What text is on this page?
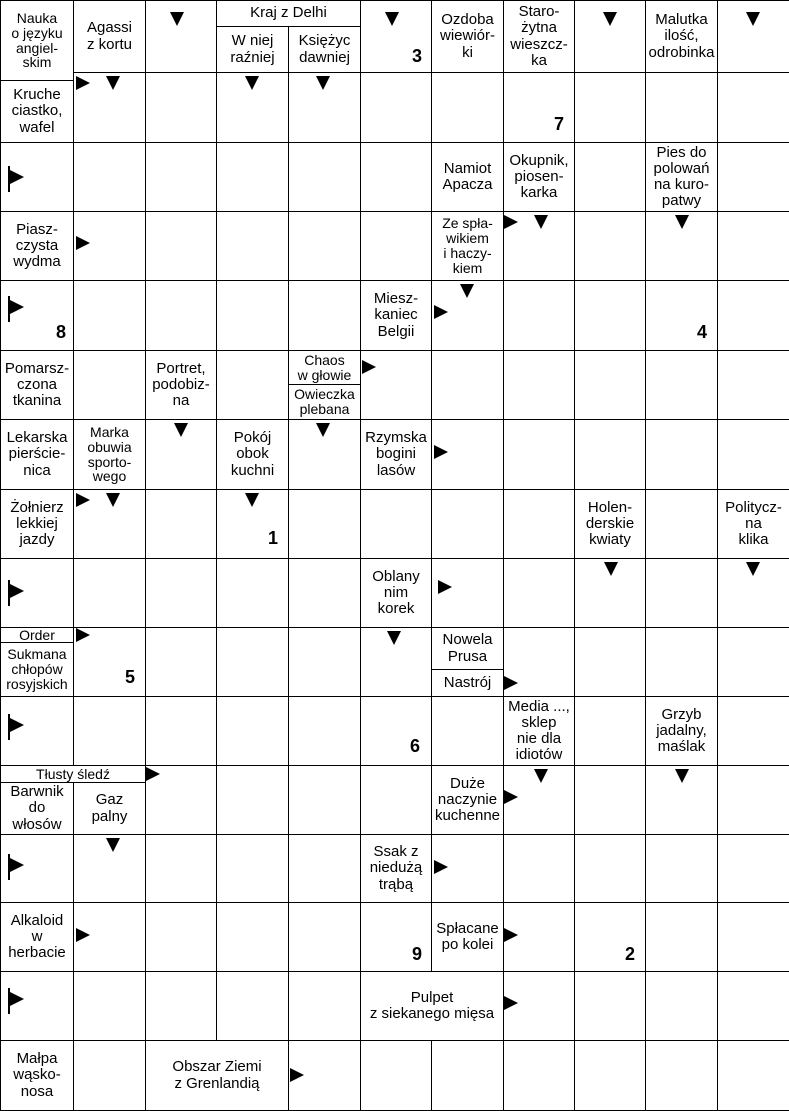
Nauka
o języku
angiel-
skim
Agassi
z kortu
Kraj z Delhi
W niej
raźniej
Księżyc
dawniej
Ozdoba
wiewiór-
ki
Staro-
żytna
wieszcz-
ka
Malutka
ilość,
odrobinka
Kruche
ciastko,
wafel
Namiot
Apacza
Okupnik,
piosen-
karka
Pies do
polowań
na kuro-
patwy
Piasz-
czysta
wydma
Ze spła-
wikiem
i haczy-
kiem
Miesz-
kaniec
Belgii
Pomarsz-
czona
tkanina
Portret,
podobiz-
na
Chaos
w głowie
Owieczka
plebana
Lekarska
pierście-
nica
Marka
obuwia
sporto-
wego
Pokój
obok
kuchni
Rzymska
bogini
lasów
Żołnierz
lekkiej
jazdy
Holen-
derskie
kwiaty
Politycz-
na
klika
Oblany
nim
korek
Order
Sukmana
chłopów
rosyjskich
Nowela
Prusa
Nastrój
Media ...,
sklep
nie dla
idiotów
Grzyb
jadalny,
maślak
Tłusty śledź
Barwnik
do
włosów
Gaz
palny
Duże
naczynie
kuchenne
Ssak z
niedużą
trąbą
Alkaloid
w
herbacie
Spłacane
po kolei
Pulpet
z siekanego mięsa
Małpa
wąsko-
nosa
Obszar Ziemi
z Grenlandią
3
7
8	4
1
5
6
9	2
